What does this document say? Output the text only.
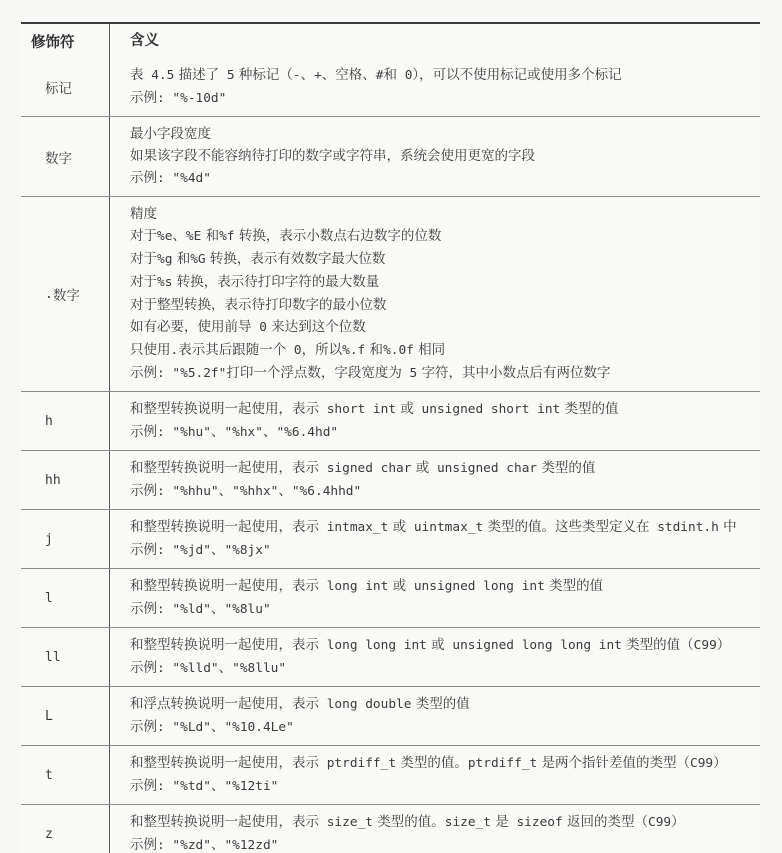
修饰符	含义
标记
表 4.5 描述了 5 种标记（-、+、空格、#和 0），可以不使用标记或使用多个标记
示例: "%-10d"
数字
最小字段宽度
如果该字段不能容纳待打印的数字或字符串，系统会使用更宽的字段
示例: "%4d"
. 数字
精度
对于%e、%E 和%f 转换，表示小数点右边数字的位数
对于%g 和%G 转换，表示有效数字最大位数
对于%s 转换，表示待打印字符的最大数量
对于整型转换，表示待打印数字的最小位数
如有必要，使用前导 0 来达到这个位数
只使用.表示其后跟随一个 0，所以%.f 和%.0f 相同
示例: "%5.2f"打印一个浮点数，字段宽度为 5 字符，其中小数点后有两位数字
h
和整型转换说明一起使用，表示 short int 或 unsigned short int 类型的值
示例: "%hu"、"%hx"、"%6.4hd"
hh
和整型转换说明一起使用，表示 signed char 或 unsigned char 类型的值
示例: "%hhu"、"%hhx"、"%6.4hhd"
j
和整型转换说明一起使用，表示 intmax_t 或 uintmax_t 类型的值。这些类型定义在 stdint.h 中
示例: "%jd"、"%8jx"
l
和整型转换说明一起使用，表示 long int 或 unsigned long int 类型的值
示例: "%ld"、"%8lu"
ll
和整型转换说明一起使用，表示 long long int 或 unsigned long long int 类型的值（C99）
示例: "%lld"、"%8llu"
L
和浮点转换说明一起使用，表示 long double 类型的值
示例: "%Ld"、"%10.4Le"
t
和整型转换说明一起使用，表示 ptrdiff_t 类型的值。ptrdiff_t 是两个指针差值的类型（C99）
示例: "%td"、"%12ti"
z
和整型转换说明一起使用，表示 size_t 类型的值。size_t 是 sizeof 返回的类型（C99）
示例: "%zd"、"%12zd"
